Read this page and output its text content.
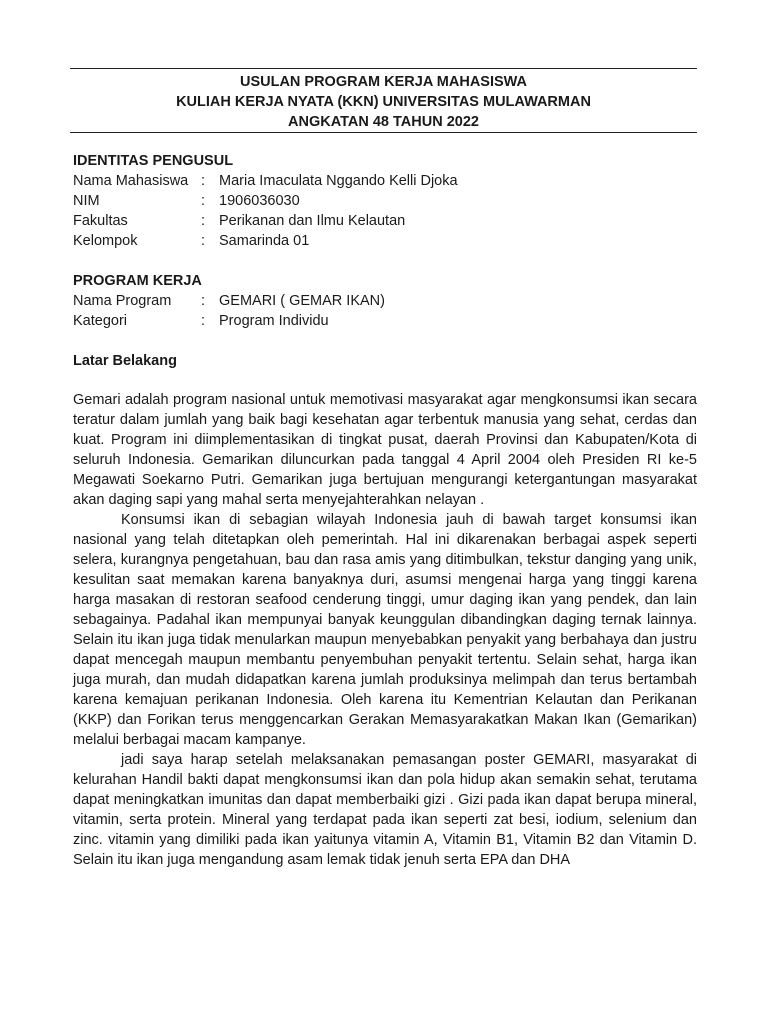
USULAN PROGRAM KERJA MAHASISWA
KULIAH KERJA NYATA (KKN) UNIVERSITAS MULAWARMAN
ANGKATAN 48 TAHUN 2022
IDENTITAS PENGUSUL
Nama Mahasiswa : Maria Imaculata Nggando Kelli Djoka
NIM	: 1906036030
Fakultas	: Perikanan dan Ilmu Kelautan
Kelompok	: Samarinda 01
PROGRAM KERJA
Nama Program	: GEMARI ( GEMAR IKAN)
Kategori	: Program Individu
Latar Belakang

Gemari adalah program nasional untuk memotivasi masyarakat agar mengkonsumsi ikan secara teratur dalam jumlah yang baik bagi kesehatan agar terbentuk manusia yang sehat, cerdas dan kuat. Program ini diimplementasikan di tingkat pusat, daerah Provinsi dan Kabupaten/Kota di seluruh Indonesia. Gemarikan diluncurkan pada tanggal 4 April 2004 oleh Presiden RI ke-5 Megawati Soekarno Putri. Gemarikan juga bertujuan mengurangi ketergantungan masyarakat akan daging sapi yang mahal serta menyejahterahkan nelayan .

Konsumsi ikan di sebagian wilayah Indonesia jauh di bawah target konsumsi ikan nasional yang telah ditetapkan oleh pemerintah. Hal ini dikarenakan berbagai aspek seperti selera, kurangnya pengetahuan, bau dan rasa amis yang ditimbulkan, tekstur danging yang unik, kesulitan saat memakan karena banyaknya duri, asumsi mengenai harga yang tinggi karena harga masakan di restoran seafood cenderung tinggi, umur daging ikan yang pendek, dan lain sebagainya. Padahal ikan mempunyai banyak keunggulan dibandingkan daging ternak lainnya. Selain itu ikan juga tidak menularkan maupun menyebabkan penyakit yang berbahaya dan justru dapat mencegah maupun membantu penyembuhan penyakit tertentu. Selain sehat, harga ikan juga murah, dan mudah didapatkan karena jumlah produksinya melimpah dan terus bertambah karena kemajuan perikanan Indonesia. Oleh karena itu Kementrian Kelautan dan Perikanan (KKP) dan Forikan terus menggencarkan Gerakan Memasyarakatkan Makan Ikan (Gemarikan) melalui berbagai macam kampanye.

jadi saya harap setelah melaksanakan pemasangan poster GEMARI, masyarakat di kelurahan Handil bakti dapat mengkonsumsi ikan dan pola hidup akan semakin sehat, terutama dapat meningkatkan imunitas dan dapat memberbaiki gizi . Gizi pada ikan dapat berupa mineral, vitamin, serta protein. Mineral yang terdapat pada ikan seperti zat besi, iodium, selenium dan zinc. vitamin yang dimiliki pada ikan yaitunya vitamin A, Vitamin B1, Vitamin B2 dan Vitamin D. Selain itu ikan juga mengandung asam lemak tidak jenuh serta EPA dan DHA
